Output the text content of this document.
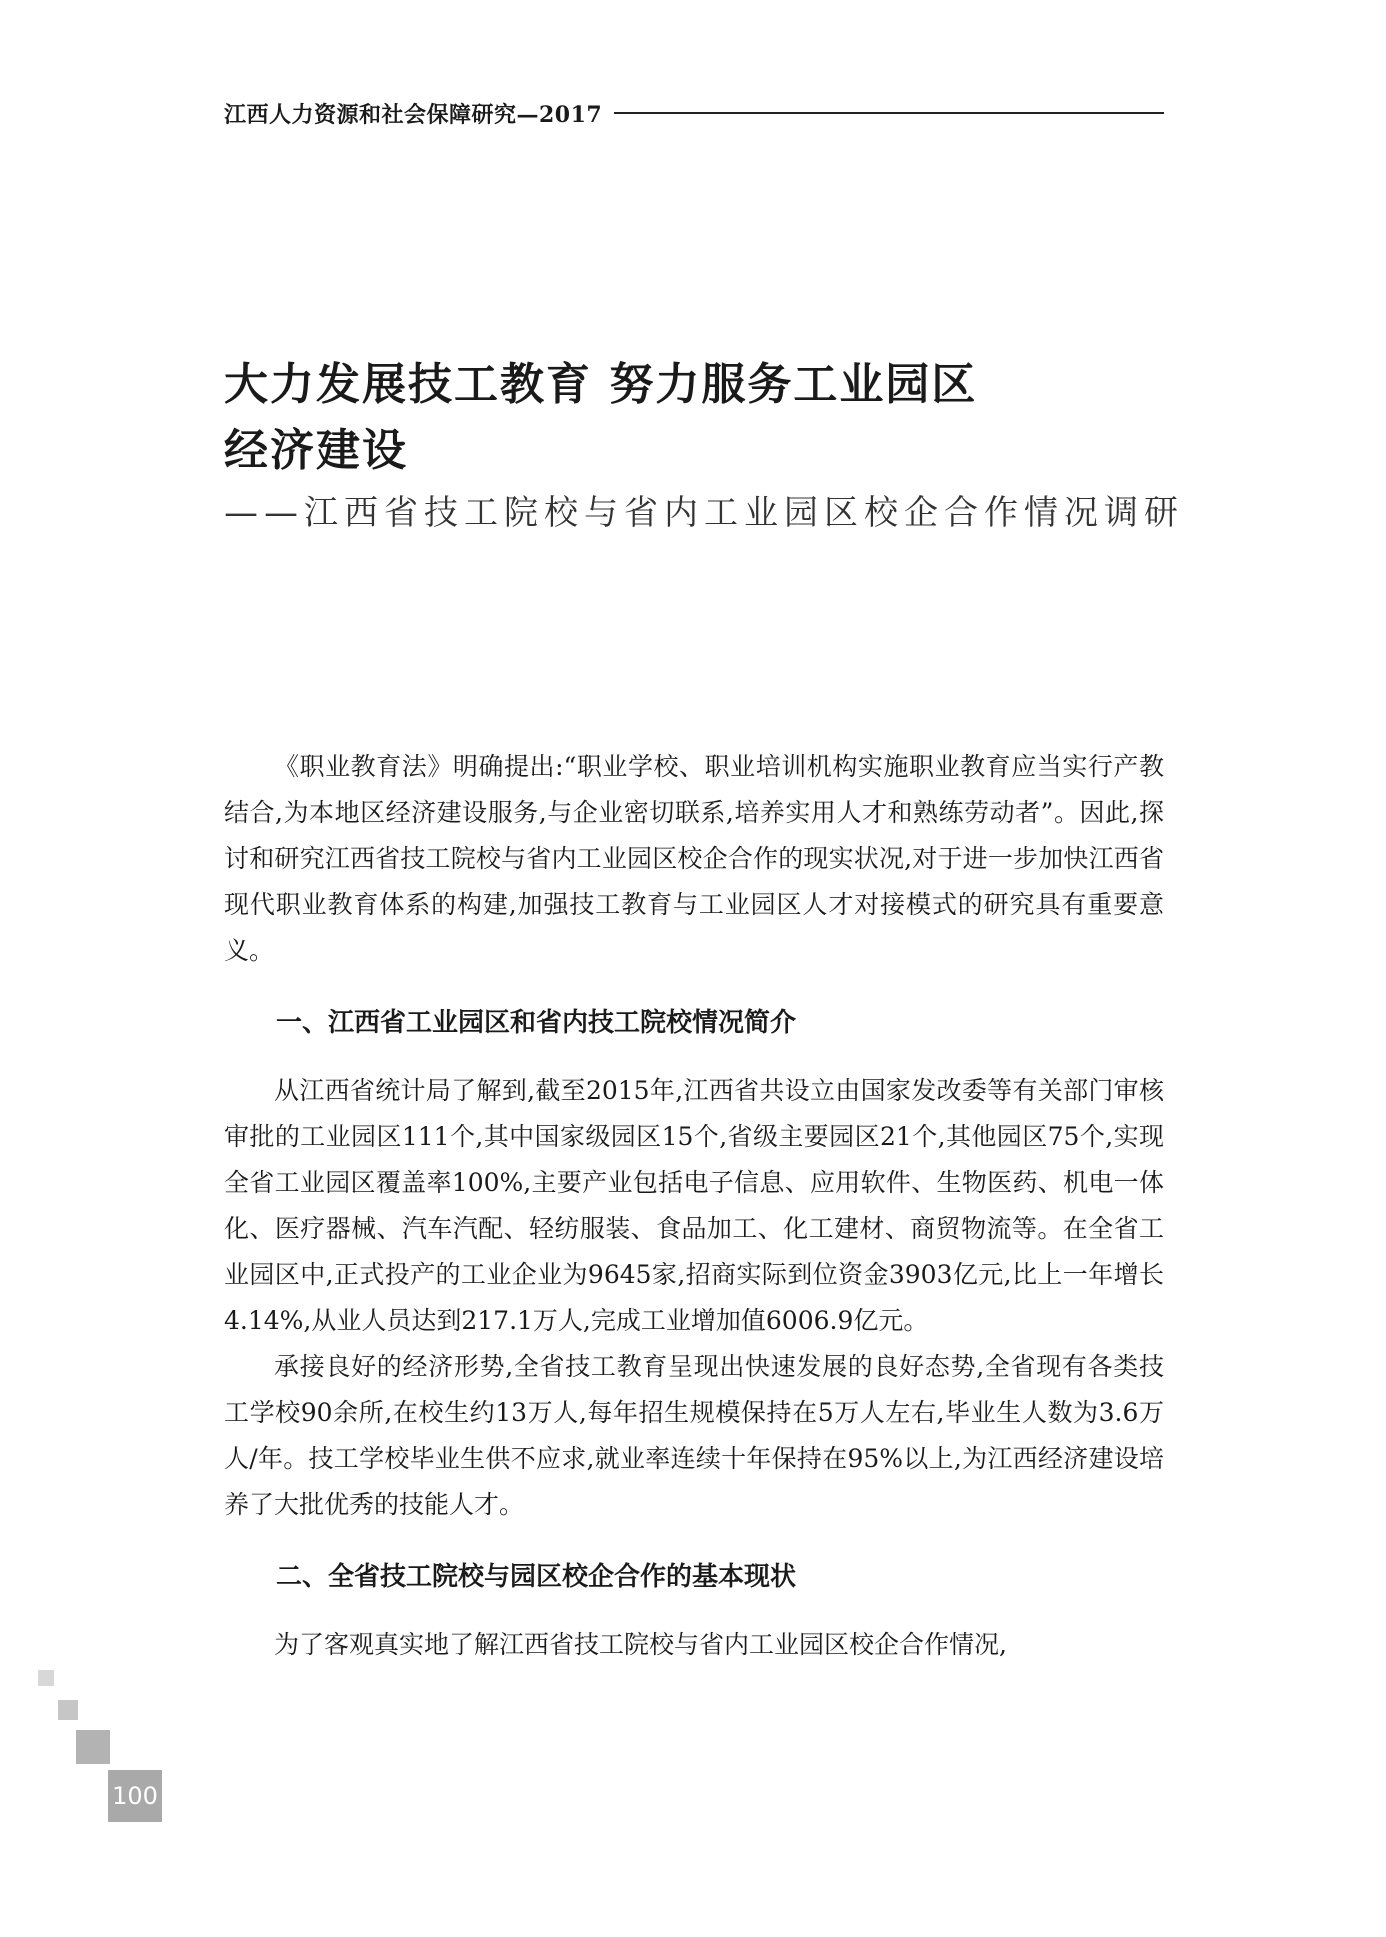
江西人力资源和社会保障研究—2017
大力发展技工教育 努力服务工业园区
经济建设
——江西省技工院校与省内工业园区校企合作情况调研

《职业教育法》明确提出:“职业学校、职业培训机构实施职业教育应当实行产教结合,为本地区经济建设服务,与企业密切联系,培养实用人才和熟练劳动者”。因此,探讨和研究江西省技工院校与省内工业园区校企合作的现实状况,对于进一步加快江西省现代职业教育体系的构建,加强技工教育与工业园区人才对接模式的研究具有重要意义。

一、江西省工业园区和省内技工院校情况简介

从江西省统计局了解到,截至2015年,江西省共设立由国家发改委等有关部门审核审批的工业园区111个,其中国家级园区15个,省级主要园区21个,其他园区75个,实现全省工业园区覆盖率100%,主要产业包括电子信息、应用软件、生物医药、机电一体化、医疗器械、汽车汽配、轻纺服装、食品加工、化工建材、商贸物流等。在全省工业园区中,正式投产的工业企业为9645家,招商实际到位资金3903亿元,比上一年增长4.14%,从业人员达到217.1万人,完成工业增加值6006.9亿元。

承接良好的经济形势,全省技工教育呈现出快速发展的良好态势,全省现有各类技工学校90余所,在校生约13万人,每年招生规模保持在5万人左右,毕业生人数为3.6万人/年。技工学校毕业生供不应求,就业率连续十年保持在95%以上,为江西经济建设培养了大批优秀的技能人才。

二、全省技工院校与园区校企合作的基本现状

为了客观真实地了解江西省技工院校与省内工业园区校企合作情况,

100
